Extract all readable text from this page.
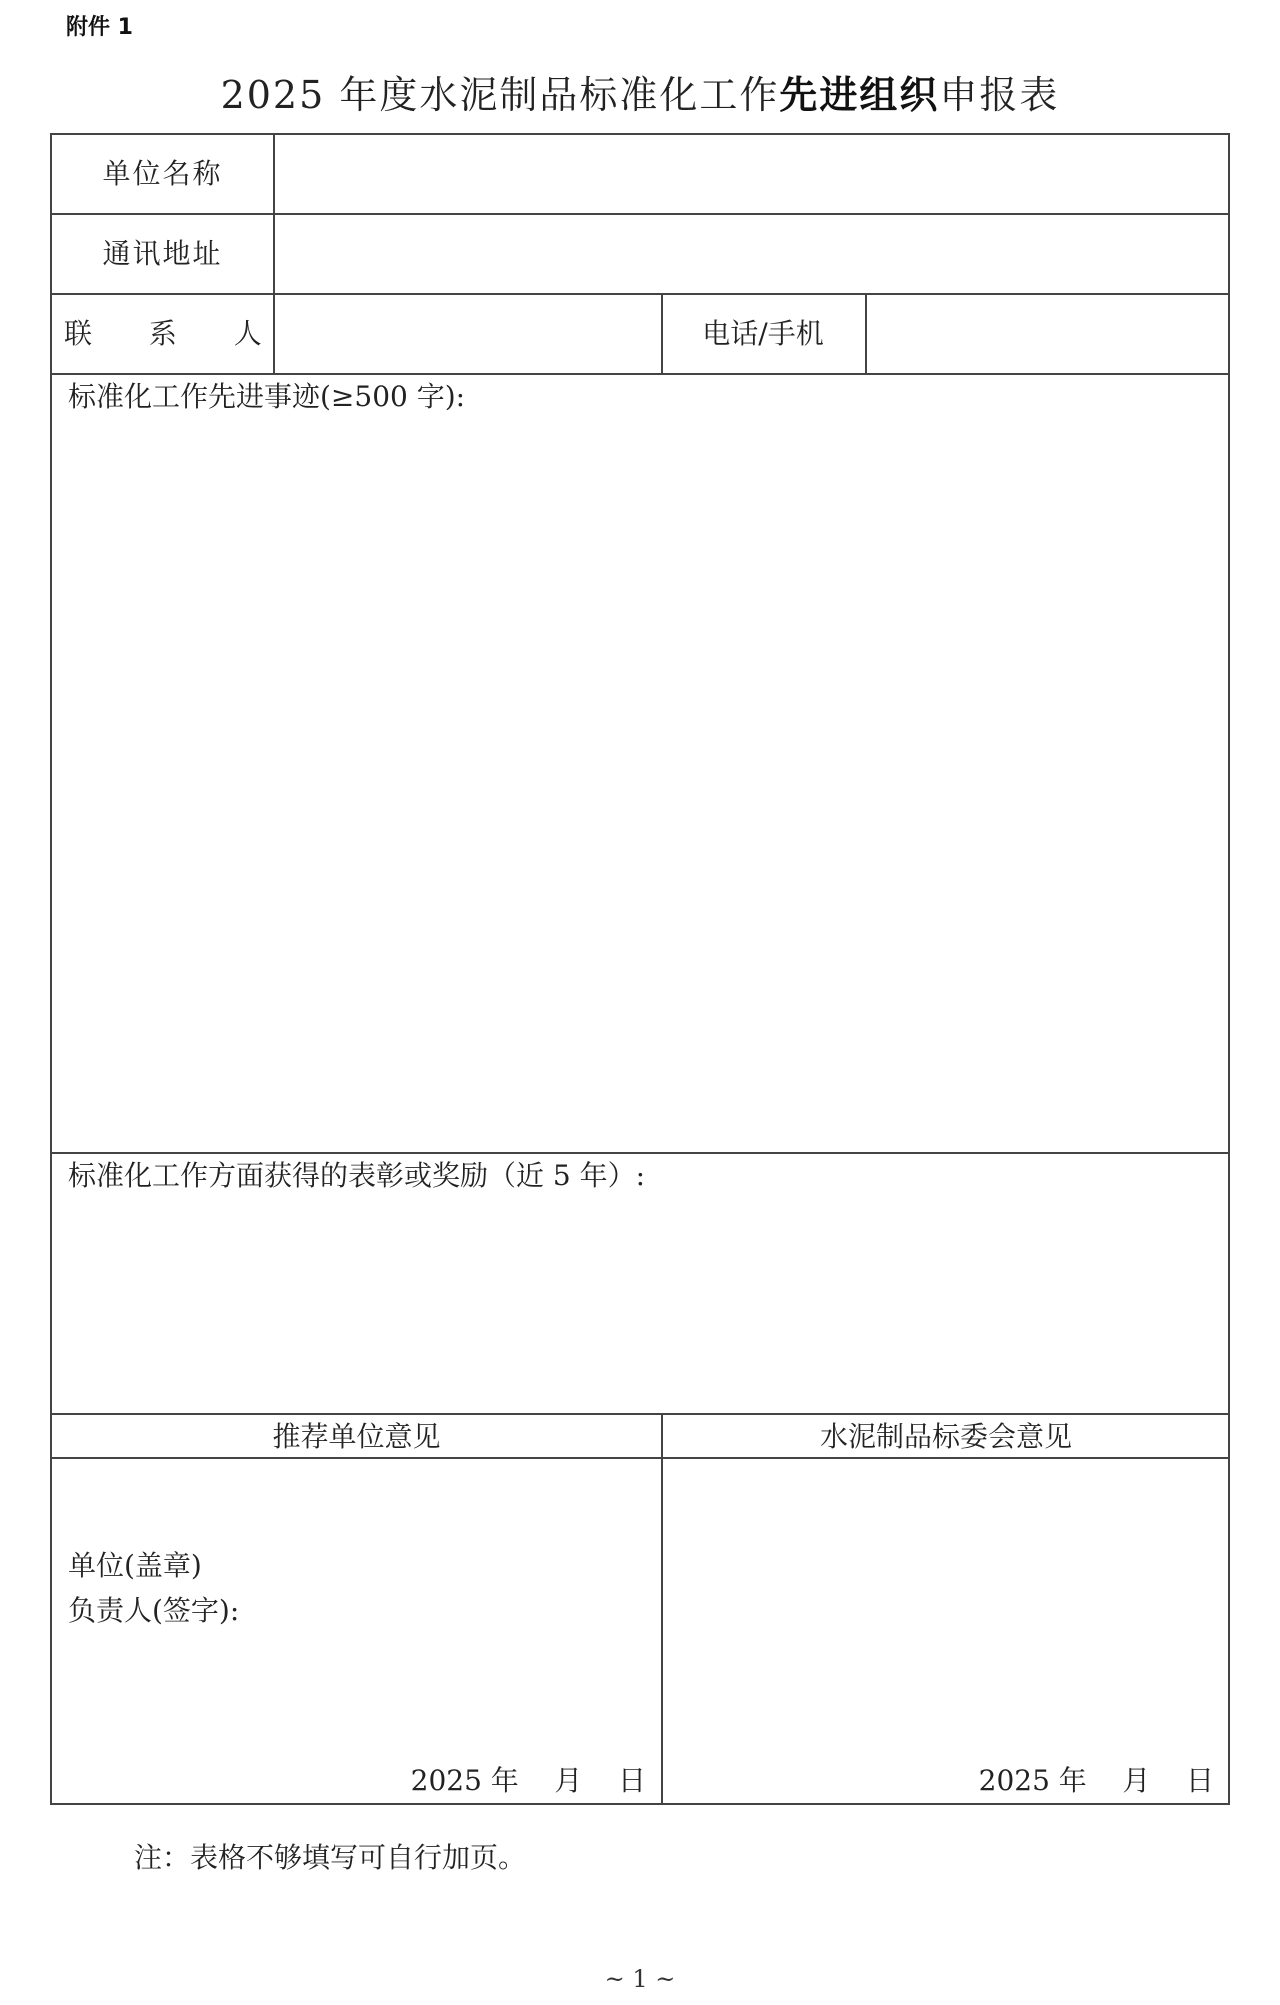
附件 1
2025 年度水泥制品标准化工作先进组织申报表
单位名称
通讯地址
联 系 人	电话/手机
标准化工作先进事迹(≥500 字):
标准化工作方面获得的表彰或奖励（近 5 年）:
推荐单位意见	水泥制品标委会意见
单位(盖章)
负责人(签字):
2025 年    月    日	2025 年    月    日
注：表格不够填写可自行加页。
~ 1 ~
